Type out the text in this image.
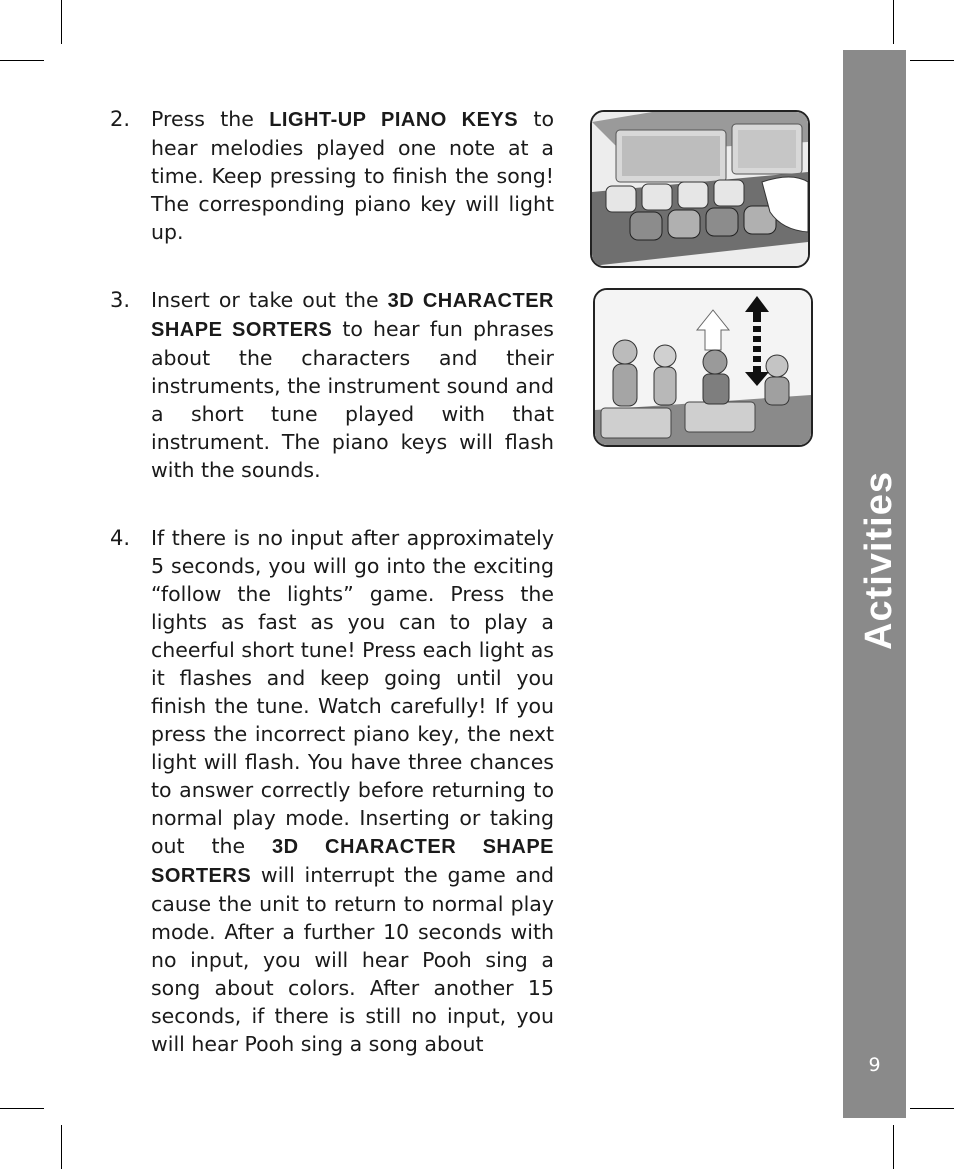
Activities
9
2. Press the LIGHT-UP PIANO KEYS to hear melodies played one note at a time. Keep pressing to finish the song! The corresponding piano key will light up.
3. Insert or take out the 3D CHARACTER SHAPE SORTERS to hear fun phrases about the characters and their instruments, the instrument sound and a short tune played with that instrument. The piano keys will flash with the sounds.
4. If there is no input after approximately 5 seconds, you will go into the exciting “follow the lights” game. Press the lights as fast as you can to play a cheerful short tune! Press each light as it flashes and keep going until you finish the tune. Watch carefully! If you press the incorrect piano key, the next light will flash. You have three chances to answer correctly before returning to normal play mode. Inserting or taking out the 3D CHARACTER SHAPE SORTERS will interrupt the game and cause the unit to return to normal play mode. After a further 10 seconds with no input, you will hear Pooh sing a song about colors. After another 15 seconds, if there is still no input, you will hear Pooh sing a song about
